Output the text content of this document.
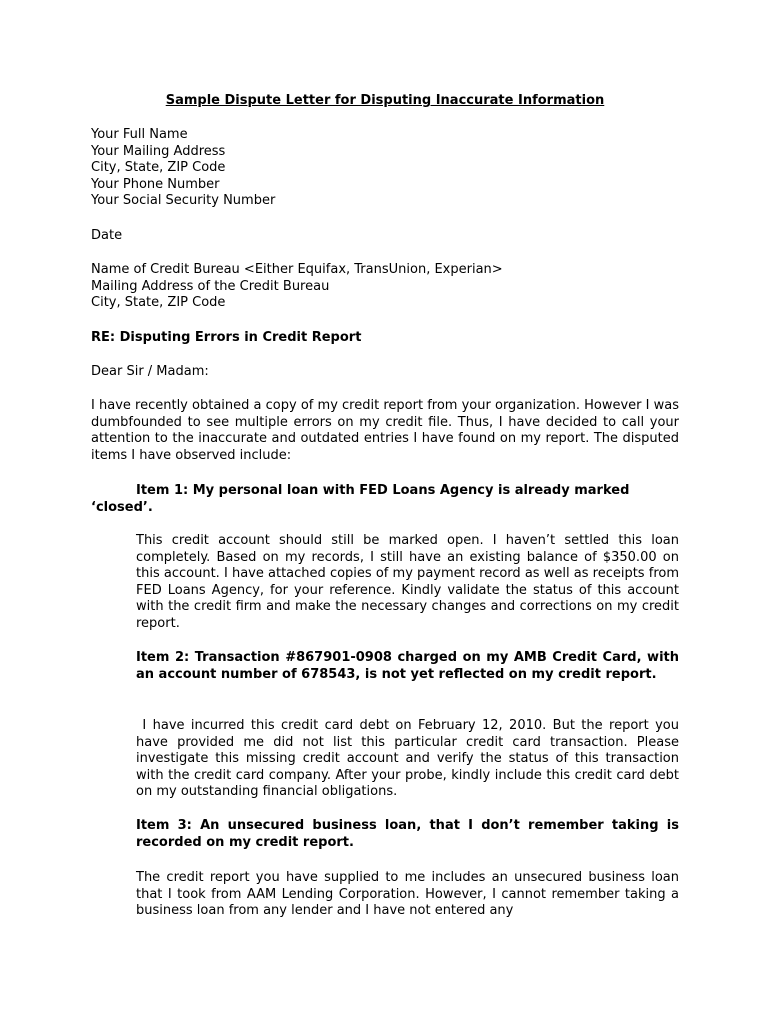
Sample Dispute Letter for Disputing Inaccurate Information
Your Full Name
Your Mailing Address
City, State, ZIP Code
Your Phone Number
Your Social Security Number
Date
Name of Credit Bureau <Either Equifax, TransUnion, Experian>
Mailing Address of the Credit Bureau
City, State, ZIP Code
RE: Disputing Errors in Credit Report
Dear Sir / Madam:
I have recently obtained a copy of my credit report from your organization. However I was dumbfounded to see multiple errors on my credit file. Thus, I have decided to call your attention to the inaccurate and outdated entries I have found on my report. The disputed items I have observed include:
Item 1: My personal loan with FED Loans Agency is already marked ‘closed’.
This credit account should still be marked open. I haven’t settled this loan completely. Based on my records, I still have an existing balance of $350.00 on this account. I have attached copies of my payment record as well as receipts from FED Loans Agency, for your reference. Kindly validate the status of this account with the credit firm and make the necessary changes and corrections on my credit report.
Item 2: Transaction #867901-0908 charged on my AMB Credit Card, with an account number of 678543, is not yet reflected on my credit report.
I have incurred this credit card debt on February 12, 2010. But the report you have provided me did not list this particular credit card transaction. Please investigate this missing credit account and verify the status of this transaction with the credit card company. After your probe, kindly include this credit card debt on my outstanding financial obligations.
Item 3: An unsecured business loan, that I don’t remember taking is recorded on my credit report.
The credit report you have supplied to me includes an unsecured business loan that I took from AAM Lending Corporation. However, I cannot remember taking a business loan from any lender and I have not entered any
